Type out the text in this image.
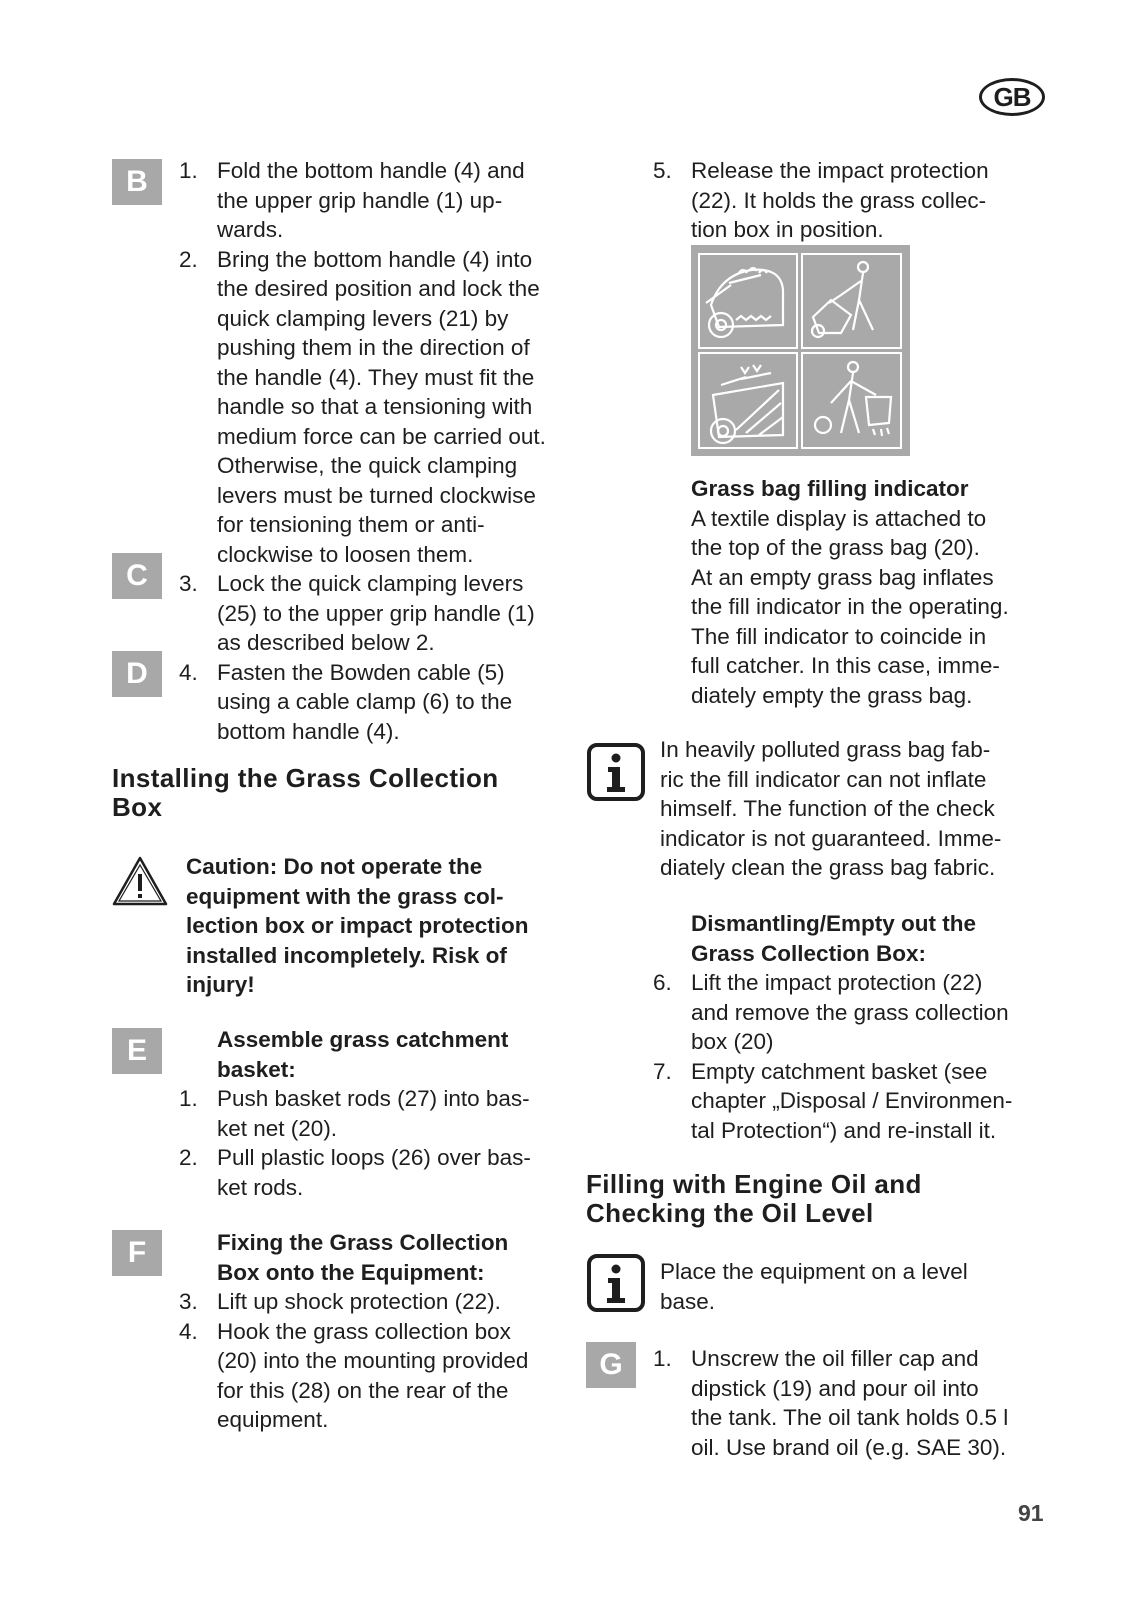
GB
B
C
D
E
F
G
1. Fold the bottom handle (4) and

the upper grip handle (1) up-

wards.

2. Bring the bottom handle (4) into

the desired position and lock the

quick clamping levers (21) by

pushing them in the direction of

the handle (4). They must fit the

handle so that a tensioning with

medium force can be carried out.

Otherwise, the quick clamping

levers must be turned clockwise

for tensioning them or anti-

clockwise to loosen them.

3. Lock the quick clamping levers

(25) to the upper grip handle (1)

as described below 2.

4. Fasten the Bowden cable (5)

using a cable clamp (6) to the

bottom handle (4).

Installing the Grass Collection
Box

Caution: Do not operate the

equipment with the grass col-

lection box or impact protection

installed incompletely. Risk of

injury!

Assemble grass catchment

basket:

1. Push basket rods (27) into bas-

ket net (20).

2. Pull plastic loops (26) over bas-

ket rods.

Fixing the Grass Collection

Box onto the Equipment:

3. Lift up shock protection (22).

4. Hook the grass collection box

(20) into the mounting provided

for this (28) on the rear of the

equipment.

5. Release the impact protection

(22). It holds the grass collec-

tion box in position.

Grass bag filling indicator

A textile display is attached to

the top of the grass bag (20).

At an empty grass bag inflates

the fill indicator in the operating.

The fill indicator to coincide in

full catcher. In this case, imme-

diately empty the grass bag.

In heavily polluted grass bag fab-

ric the fill indicator can not inflate

himself. The function of the check

indicator is not guaranteed. Imme-

diately clean the grass bag fabric.

Dismantling/Empty out the

Grass Collection Box:

6. Lift the impact protection (22)

and remove the grass collection

box (20)

7. Empty catchment basket (see

chapter „Disposal / Environmen-

tal Protection“) and re-install it.

Filling with Engine Oil and
Checking the Oil Level

Place the equipment on a level

base.

1. Unscrew the oil filler cap and

dipstick (19) and pour oil into

the tank. The oil tank holds 0.5 l

oil. Use brand oil (e.g. SAE 30).

91
